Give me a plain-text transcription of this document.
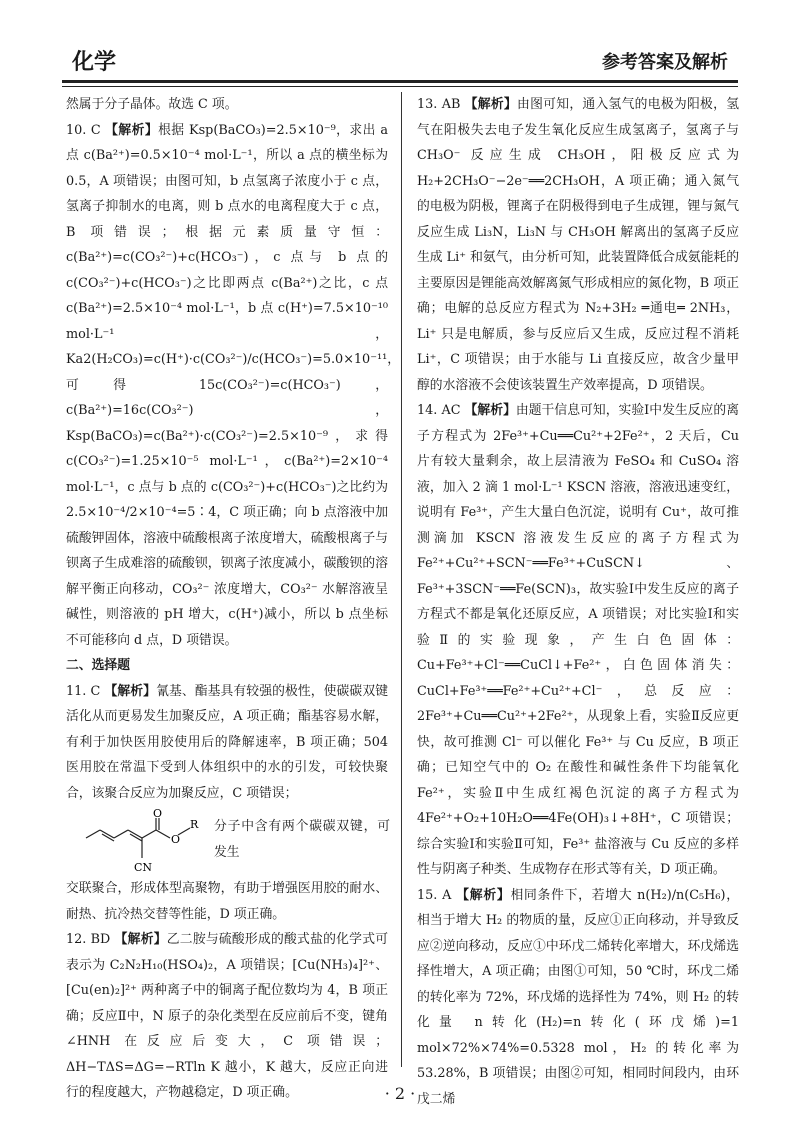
化学	参考答案及解析

然属于分子晶体。故选 C 项。

10. C 【解析】根据 Ksp(BaCO₃)=2.5×10⁻⁹，求出 a 点 c(Ba²⁺)=0.5×10⁻⁴ mol·L⁻¹，所以 a 点的横坐标为 0.5，A 项错误；由图可知，b 点氢离子浓度小于 c 点，氢离子抑制水的电离，则 b 点水的电离程度大于 c 点，B 项错误；根据元素质量守恒：c(Ba²⁺)=c(CO₃²⁻)+c(HCO₃⁻)，c 点与 b 点的 c(CO₃²⁻)+c(HCO₃⁻)之比即两点 c(Ba²⁺)之比，c 点 c(Ba²⁺)=2.5×10⁻⁴ mol·L⁻¹，b 点 c(H⁺)=7.5×10⁻¹⁰ mol·L⁻¹，Ka2(H₂CO₃)=c(H⁺)·c(CO₃²⁻)/c(HCO₃⁻)=5.0×10⁻¹¹，可得 15c(CO₃²⁻)=c(HCO₃⁻)，c(Ba²⁺)=16c(CO₃²⁻)，Ksp(BaCO₃)=c(Ba²⁺)·c(CO₃²⁻)=2.5×10⁻⁹，求得 c(CO₃²⁻)=1.25×10⁻⁵ mol·L⁻¹，c(Ba²⁺)=2×10⁻⁴ mol·L⁻¹，c 点与 b 点的 c(CO₃²⁻)+c(HCO₃⁻)之比约为 2.5×10⁻⁴/2×10⁻⁴=5∶4，C 项正确；向 b 点溶液中加硫酸钾固体，溶液中硫酸根离子浓度增大，硫酸根离子与钡离子生成难溶的硫酸钡，钡离子浓度减小，碳酸钡的溶解平衡正向移动，CO₃²⁻ 浓度增大，CO₃²⁻ 水解溶液呈碱性，则溶液的 pH 增大，c(H⁺)减小，所以 b 点坐标不可能移向 d 点，D 项错误。

二、选择题

11. C 【解析】氰基、酯基具有较强的极性，使碳碳双键活化从而更易发生加聚反应，A 项正确；酯基容易水解，有利于加快医用胶使用后的降解速率，B 项正确；504 医用胶在常温下受到人体组织中的水的引发，可较快聚合，该聚合反应为加聚反应，C 项错误；

O
O
R
CN
分子中含有两个碳碳双键，可发生

交联聚合，形成体型高聚物，有助于增强医用胶的耐水、耐热、抗冷热交替等性能，D 项正确。

12. BD 【解析】乙二胺与硫酸形成的酸式盐的化学式可表示为 C₂N₂H₁₀(HSO₄)₂，A 项错误；[Cu(NH₃)₄]²⁺、[Cu(en)₂]²⁺ 两种离子中的铜离子配位数均为 4，B 项正确；反应Ⅱ中，N 原子的杂化类型在反应前后不变，键角∠HNH 在反应后变大，C 项错误；ΔH−TΔS=ΔG=−RTln K 越小，K 越大，反应正向进行的程度越大，产物越稳定，D 项正确。

13. AB 【解析】由图可知，通入氢气的电极为阳极，氢气在阳极失去电子发生氧化反应生成氢离子，氢离子与 CH₃O⁻ 反应生成 CH₃OH，阳极反应式为 H₂+2CH₃O⁻−2e⁻══2CH₃OH，A 项正确；通入氮气的电极为阴极，锂离子在阴极得到电子生成锂，锂与氮气反应生成 Li₃N，Li₃N 与 CH₃OH 解离出的氢离子反应生成 Li⁺ 和氨气，由分析可知，此装置降低合成氨能耗的主要原因是锂能高效解离氮气形成相应的氮化物，B 项正确；电解的总反应方程式为 N₂+3H₂ ═通电═ 2NH₃，Li⁺ 只是电解质，参与反应后又生成，反应过程不消耗 Li⁺，C 项错误；由于水能与 Li 直接反应，故含少量甲醇的水溶液不会使该装置生产效率提高，D 项错误。

14. AC 【解析】由题干信息可知，实验Ⅰ中发生反应的离子方程式为 2Fe³⁺+Cu══Cu²⁺+2Fe²⁺，2 天后，Cu 片有较大量剩余，故上层清液为 FeSO₄ 和 CuSO₄ 溶液，加入 2 滴 1 mol·L⁻¹ KSCN 溶液，溶液迅速变红，说明有 Fe³⁺，产生大量白色沉淀，说明有 Cu⁺，故可推测滴加 KSCN 溶液发生反应的离子方程式为 Fe²⁺+Cu²⁺+SCN⁻══Fe³⁺+CuSCN↓、Fe³⁺+3SCN⁻══Fe(SCN)₃，故实验Ⅰ中发生反应的离子方程式不都是氧化还原反应，A 项错误；对比实验Ⅰ和实验Ⅱ的实验现象，产生白色固体：Cu+Fe³⁺+Cl⁻══CuCl↓+Fe²⁺，白色固体消失：CuCl+Fe³⁺══Fe²⁺+Cu²⁺+Cl⁻，总反应：2Fe³⁺+Cu══Cu²⁺+2Fe²⁺，从现象上看，实验Ⅱ反应更快，故可推测 Cl⁻ 可以催化 Fe³⁺ 与 Cu 反应，B 项正确；已知空气中的 O₂ 在酸性和碱性条件下均能氧化 Fe²⁺，实验Ⅱ中生成红褐色沉淀的离子方程式为 4Fe²⁺+O₂+10H₂O══4Fe(OH)₃↓+8H⁺，C 项错误；综合实验Ⅰ和实验Ⅱ可知，Fe³⁺ 盐溶液与 Cu 反应的多样性与阴离子种类、生成物存在形式等有关，D 项正确。

15. A 【解析】相同条件下，若增大 n(H₂)/n(C₅H₆)，相当于增大 H₂ 的物质的量，反应①正向移动，并导致反应②逆向移动，反应①中环戊二烯转化率增大，环戊烯选择性增大，A 项正确；由图①可知，50 ℃时，环戊二烯的转化率为 72%，环戊烯的选择性为 74%，则 H₂ 的转化量 n转化(H₂)=n转化(环戊烯)=1 mol×72%×74%=0.5328 mol，H₂ 的转化率为 53.28%，B 项错误；由图②可知，相同时间段内，由环戊二烯

· 2 ·
